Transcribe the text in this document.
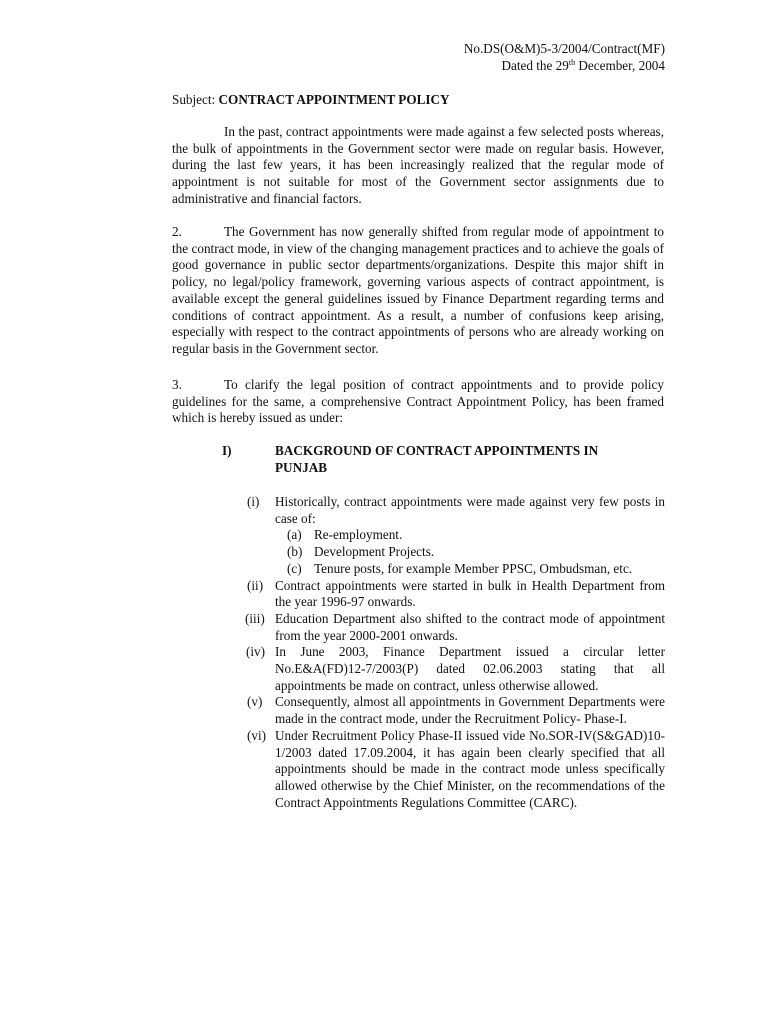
No.DS(O&M)5-3/2004/Contract(MF)
Dated the 29th December, 2004
Subject: CONTRACT APPOINTMENT POLICY
In the past, contract appointments were made against a few selected posts whereas, the bulk of appointments in the Government sector were made on regular basis. However, during the last few years, it has been increasingly realized that the regular mode of appointment is not suitable for most of the Government sector assignments due to administrative and financial factors.
2.	The Government has now generally shifted from regular mode of appointment to the contract mode, in view of the changing management practices and to achieve the goals of good governance in public sector departments/organizations. Despite this major shift in policy, no legal/policy framework, governing various aspects of contract appointment, is available except the general guidelines issued by Finance Department regarding terms and conditions of contract appointment. As a result, a number of confusions keep arising, especially with respect to the contract appointments of persons who are already working on regular basis in the Government sector.
3.	To clarify the legal position of contract appointments and to provide policy guidelines for the same, a comprehensive Contract Appointment Policy, has been framed which is hereby issued as under:
I)	BACKGROUND OF CONTRACT APPOINTMENTS IN PUNJAB
(i) Historically, contract appointments were made against very few posts in case of:
(a) Re-employment.
(b) Development Projects.
(c) Tenure posts, for example Member PPSC, Ombudsman, etc.
(ii) Contract appointments were started in bulk in Health Department from the year 1996-97 onwards.
(iii) Education Department also shifted to the contract mode of appointment from the year 2000-2001 onwards.
(iv) In June 2003, Finance Department issued a circular letter No.E&A(FD)12-7/2003(P) dated 02.06.2003 stating that all appointments be made on contract, unless otherwise allowed.
(v) Consequently, almost all appointments in Government Departments were made in the contract mode, under the Recruitment Policy- Phase-I.
(vi) Under Recruitment Policy Phase-II issued vide No.SOR-IV(S&GAD)10-1/2003 dated 17.09.2004, it has again been clearly specified that all appointments should be made in the contract mode unless specifically allowed otherwise by the Chief Minister, on the recommendations of the Contract Appointments Regulations Committee (CARC).
